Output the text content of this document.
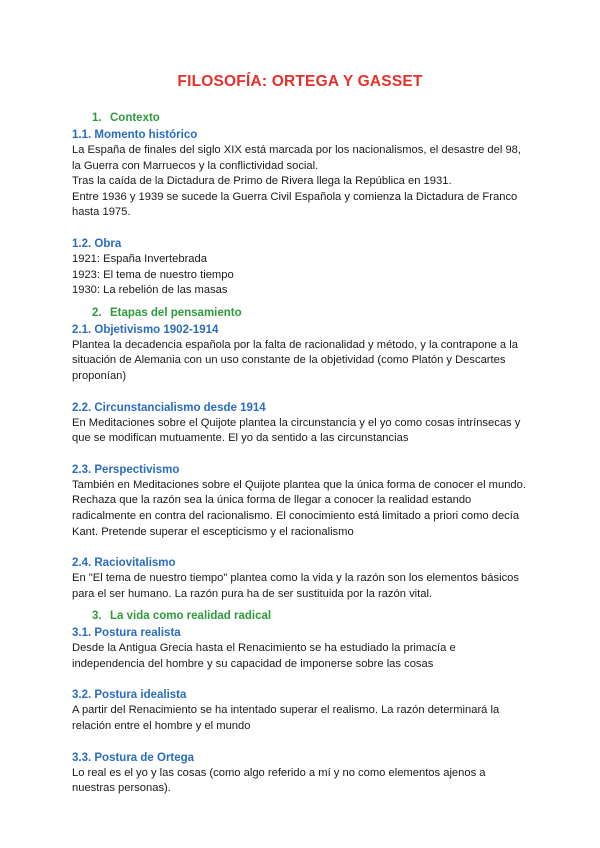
FILOSOFÍA: ORTEGA Y GASSET
1. Contexto
1.1. Momento histórico

La España de finales del siglo XIX está marcada por los nacionalismos, el desastre del 98,

la Guerra con Marruecos y la conflictividad social.

Tras la caída de la Dictadura de Primo de Rivera llega la República en 1931.

Entre 1936 y 1939 se sucede la Guerra Civil Española y comienza la Dictadura de Franco

hasta 1975.

1.2. Obra

1921: España Invertebrada

1923: El tema de nuestro tiempo

1930: La rebelión de las masas

2. Etapas del pensamiento
2.1. Objetivismo 1902-1914

Plantea la decadencia española por la falta de racionalidad y método, y la contrapone a la

situación de Alemania con un uso constante de la objetividad (como Platón y Descartes

proponían)

2.2. Circunstancialismo desde 1914

En Meditaciones sobre el Quijote plantea la circunstancia y el yo como cosas intrínsecas y

que se modifican mutuamente. El yo da sentido a las circunstancias

2.3. Perspectivismo

También en Meditaciones sobre el Quijote plantea que la única forma de conocer el mundo.

Rechaza que la razón sea la única forma de llegar a conocer la realidad estando

radicalmente en contra del racionalismo. El conocimiento está limitado a priori como decía

Kant. Pretende superar el escepticismo y el racionalismo

2.4. Raciovitalismo

En "El tema de nuestro tiempo" plantea como la vida y la razón son los elementos básicos

para el ser humano. La razón pura ha de ser sustituida por la razón vital.

3. La vida como realidad radical
3.1. Postura realista

Desde la Antigua Grecia hasta el Renacimiento se ha estudiado la primacía e

independencia del hombre y su capacidad de imponerse sobre las cosas

3.2. Postura idealista

A partir del Renacimiento se ha intentado superar el realismo. La razón determinará la

relación entre el hombre y el mundo

3.3. Postura de Ortega

Lo real es el yo y las cosas (como algo referido a mí y no como elementos ajenos a

nuestras personas).
